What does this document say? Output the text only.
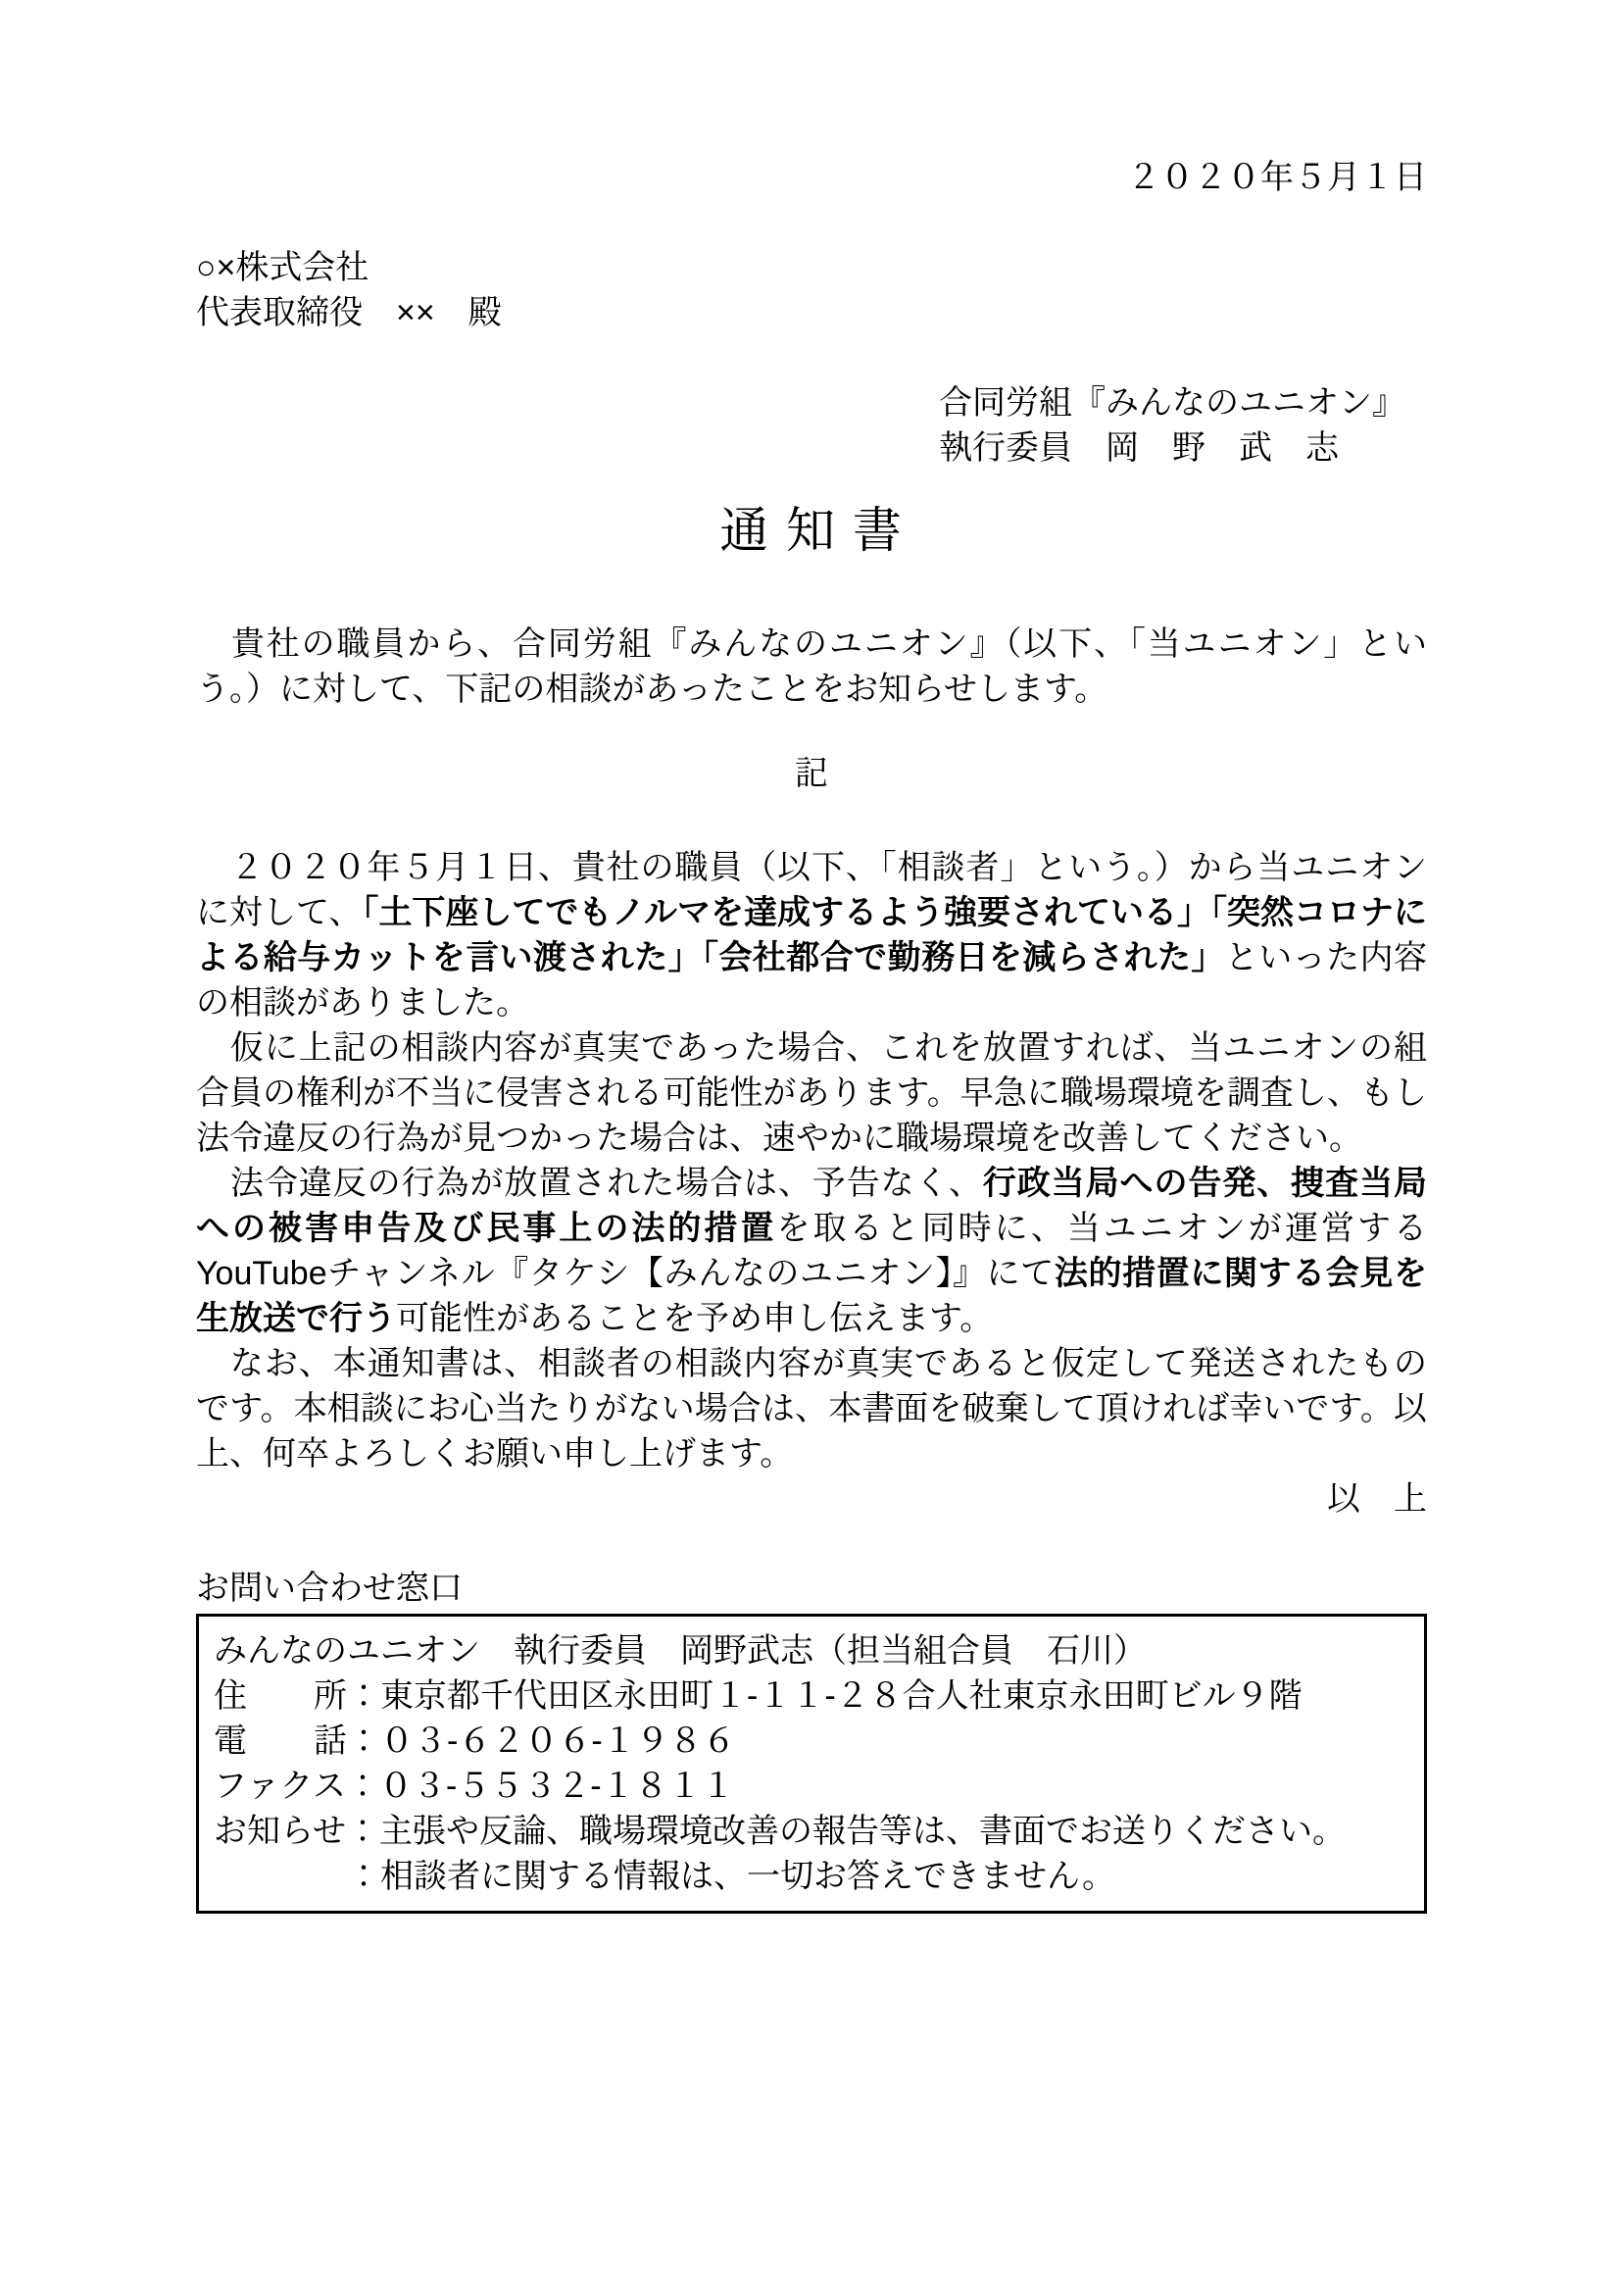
２０２０年５月１日
○×株式会社
代表取締役　××　殿
合同労組『みんなのユニオン』
執行委員　岡　野　武　志
通 知 書

　貴社の職員から、合同労組『みんなのユニオン』（以下、「当ユニオン」という。）に対して、下記の相談があったことをお知らせします。

記

　２０２０年５月１日、貴社の職員（以下、「相談者」という。）から当ユニオンに対して、「土下座してでもノルマを達成するよう強要されている」「突然コロナによる給与カットを言い渡された」「会社都合で勤務日を減らされた」といった内容の相談がありました。

　仮に上記の相談内容が真実であった場合、これを放置すれば、当ユニオンの組合員の権利が不当に侵害される可能性があります。早急に職場環境を調査し、もし法令違反の行為が見つかった場合は、速やかに職場環境を改善してください。

　法令違反の行為が放置された場合は、予告なく、行政当局への告発、捜査当局への被害申告及び民事上の法的措置を取ると同時に、当ユニオンが運営するYouTubeチャンネル『タケシ【みんなのユニオン】』にて法的措置に関する会見を生放送で行う可能性があることを予め申し伝えます。

　なお、本通知書は、相談者の相談内容が真実であると仮定して発送されたものです。本相談にお心当たりがない場合は、本書面を破棄して頂ければ幸いです。以上、何卒よろしくお願い申し上げます。

以　上
お問い合わせ窓口
みんなのユニオン　執行委員　岡野武志（担当組合員　石川）
住　　所：東京都千代田区永田町１-１１-２８合人社東京永田町ビル９階
電　　話：０３-６２０６-１９８６
ファクス：０３-５５３２-１８１１
お知らせ：主張や反論、職場環境改善の報告等は、書面でお送りください。
　　　　：相談者に関する情報は、一切お答えできません。
